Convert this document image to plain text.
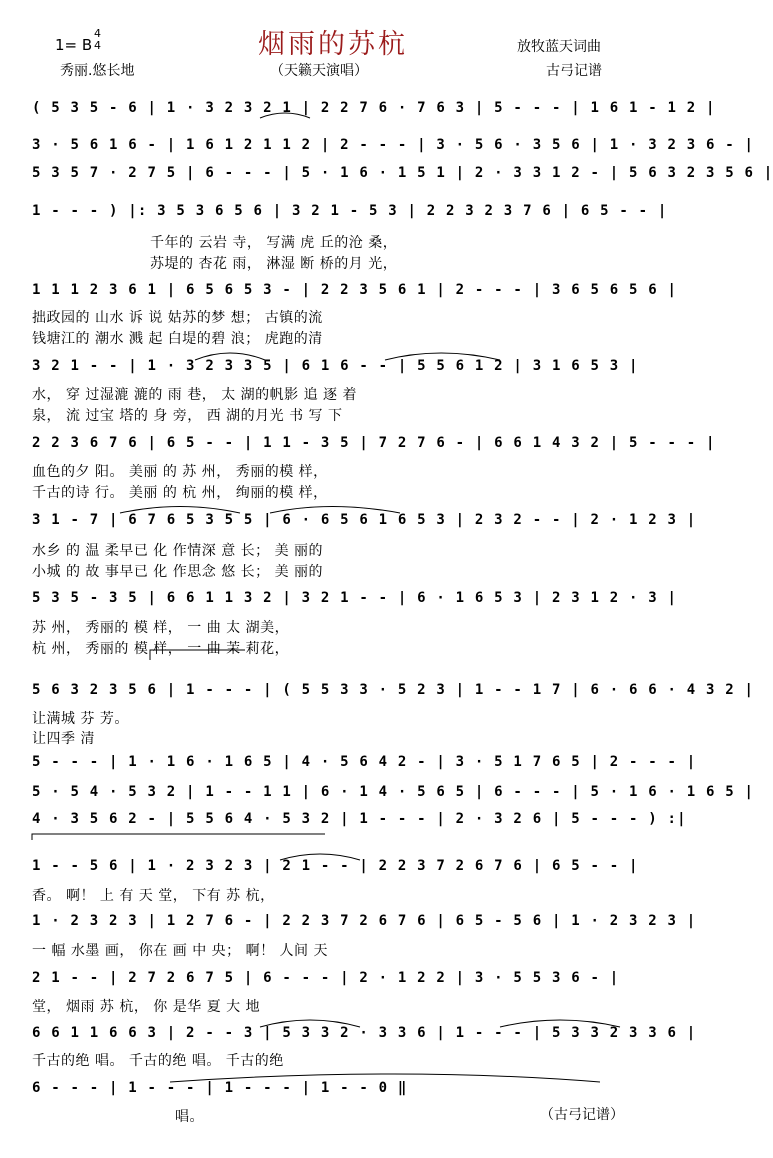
烟雨的苏杭
1= B
4
4	放牧蓝天词曲
秀丽.悠长地	（天籁天演唱）	古弓记谱
( 5 3 5 - 6 | 1 · 3 2 3 2 1 | 2 2 7 6 · 7 6 3 | 5 - - - | 1 6 1 - 1 2 |
3 · 5 6 1 6 - | 1 6 1 2 1 1 2 | 2 - - - | 3 · 5 6 · 3 5 6 | 1 · 3 2 3 6 - |
5 3 5 7 · 2 7 5 | 6 - - - | 5 · 1 6 · 1 5 1 | 2 · 3 3 1 2 - | 5 6 3 2 3 5 6 |
1 - - - ) |: 3 5 3 6 5 6 | 3 2 1 - 5 3 | 2 2 3 2 3 7 6 | 6 5 - - |
千年的 云岩 寺， 写满 虎 丘的沧 桑，
苏堤的 杏花 雨， 淋湿 断 桥的月 光，
1 1 1 2 3 6 1 | 6 5 6 5 3 - | 2 2 3 5 6 1 | 2 - - - | 3 6 5 6 5 6 |
拙政园的 山水 诉 说 姑苏的梦 想； 古镇的流
钱塘江的 潮水 溅 起 白堤的碧 浪； 虎跑的清
3 2 1 - - | 1 · 3 2 3 3 5 | 6 1 6 - - | 5 5 6 1 2 | 3 1 6 5 3 |
水， 穿 过湿漉 漉的 雨 巷， 太 湖的帆影 追 逐 着
泉， 流 过宝 塔的 身 旁， 西 湖的月光 书 写 下
2 2 3 6 7 6 | 6 5 - - | 1 1 - 3 5 | 7 2 7 6 - | 6 6 1 4 3 2 | 5 - - - |
血色的夕 阳。 美丽 的 苏 州， 秀丽的模 样，
千古的诗 行。 美丽 的 杭 州， 绚丽的模 样，
3 1 - 7 | 6 7 6 5 3 5 5 | 6 · 6 5 6 1 6 5 3 | 2 3 2 - - | 2 · 1 2 3 |
水乡 的 温 柔早已 化 作情深 意 长； 美 丽的
小城 的 故 事早已 化 作思念 悠 长； 美 丽的
5 3 5 - 3 5 | 6 6 1 1 3 2 | 3 2 1 - - | 6 · 1 6 5 3 | 2 3 1 2 · 3 |
苏 州， 秀丽的 模 样， 一 曲 太 湖美，
杭 州， 秀丽的 模 样， 一 曲 茉 莉花，
5 6 3 2 3 5 6 | 1 - - - | ( 5 5 3 3 · 5 2 3 | 1 - - 1 7 | 6 · 6 6 · 4 3 2 |
让满城 芬 芳。
让四季 清
5 - - - | 1 · 1 6 · 1 6 5 | 4 · 5 6 4 2 - | 3 · 5 1 7 6 5 | 2 - - - |
5 · 5 4 · 5 3 2 | 1 - - 1 1 | 6 · 1 4 · 5 6 5 | 6 - - - | 5 · 1 6 · 1 6 5 |
4 · 3 5 6 2 - | 5 5 6 4 · 5 3 2 | 1 - - - | 2 · 3 2 6 | 5 - - - ) :|
1 - - 5 6 | 1 · 2 3 2 3 | 2 1 - - | 2 2 3 7 2 6 7 6 | 6 5 - - |
香。 啊！ 上 有 天 堂， 下有 苏 杭，
1 · 2 3 2 3 | 1 2 7 6 - | 2 2 3 7 2 6 7 6 | 6 5 - 5 6 | 1 · 2 3 2 3 |
一 幅 水墨 画， 你在 画 中 央； 啊！ 人间 天
2 1 - - | 2 7 2 6 7 5 | 6 - - - | 2 · 1 2 2 | 3 · 5 5 3 6 - |
堂， 烟雨 苏 杭， 你 是华 夏 大 地
6 6 1 1 6 6 3 | 2 - - 3 | 5 3 3 2 · 3 3 6 | 1 - - - | 5 3 3 2 3 3 6 |
千古的绝 唱。 千古的绝 唱。 千古的绝
6 - - - | 1 - - - | 1 - - - | 1 - - 0 ‖
唱。	（古弓记谱）
